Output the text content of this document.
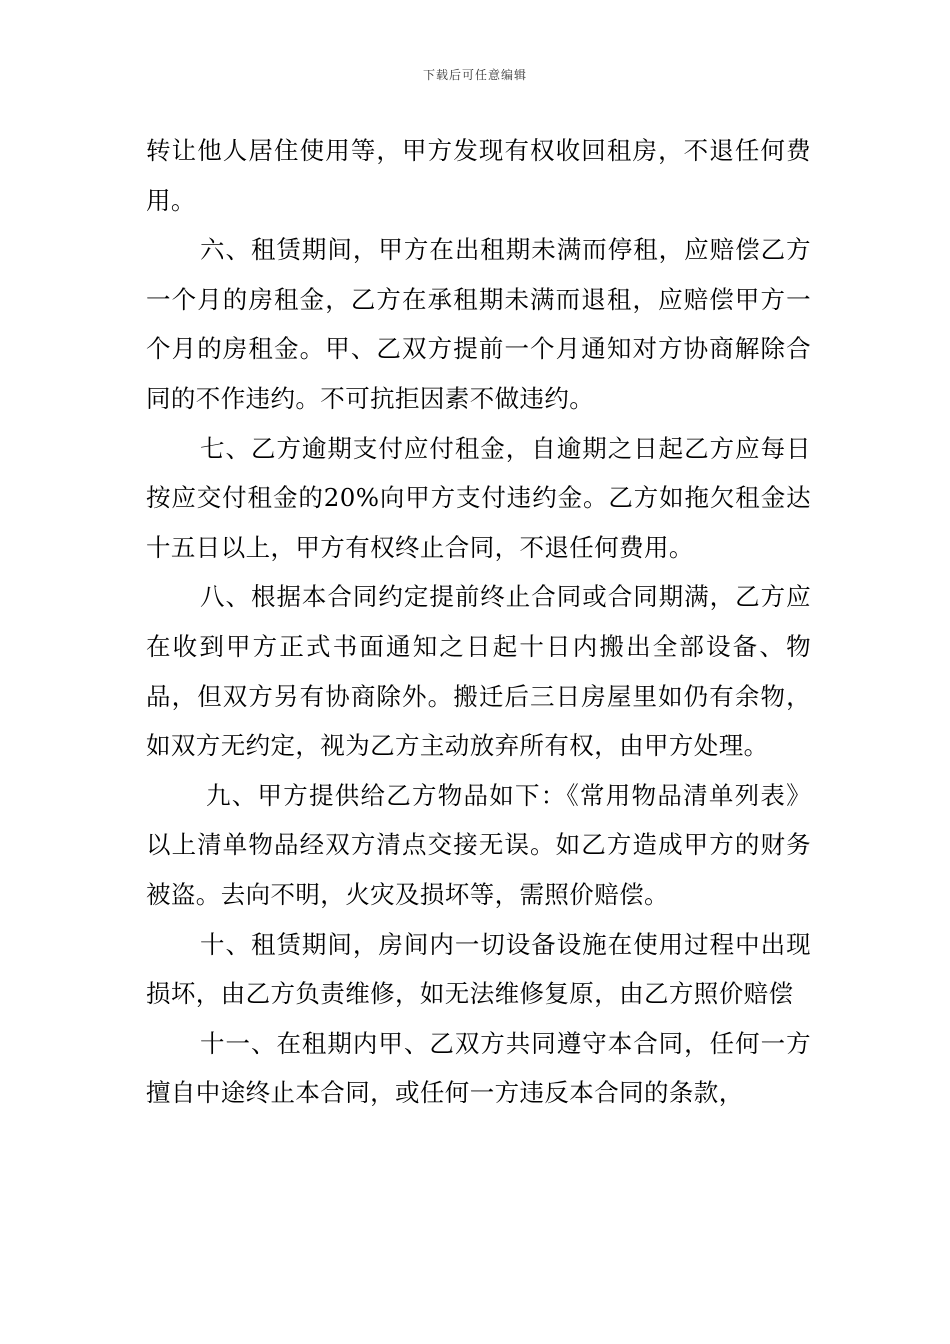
下载后可任意编辑

转让他人居住使用等，甲方发现有权收回租房，不退任何费用。

六、租赁期间，甲方在出租期未满而停租，应赔偿乙方一个月的房租金，乙方在承租期未满而退租，应赔偿甲方一个月的房租金。甲、乙双方提前一个月通知对方协商解除合同的不作违约。不可抗拒因素不做违约。

七、乙方逾期支付应付租金，自逾期之日起乙方应每日按应交付租金的20%向甲方支付违约金。乙方如拖欠租金达十五日以上，甲方有权终止合同，不退任何费用。

八、根据本合同约定提前终止合同或合同期满，乙方应在收到甲方正式书面通知之日起十日内搬出全部设备、物品，但双方另有协商除外。搬迁后三日房屋里如仍有余物，如双方无约定，视为乙方主动放弃所有权，由甲方处理。

九、甲方提供给乙方物品如下：《常用物品清单列表》以上清单物品经双方清点交接无误。如乙方造成甲方的财务被盗。去向不明，火灾及损坏等，需照价赔偿。

十、租赁期间，房间内一切设备设施在使用过程中出现损坏，由乙方负责维修，如无法维修复原，由乙方照价赔偿

十一、在租期内甲、乙双方共同遵守本合同，任何一方擅自中途终止本合同，或任何一方违反本合同的条款，
